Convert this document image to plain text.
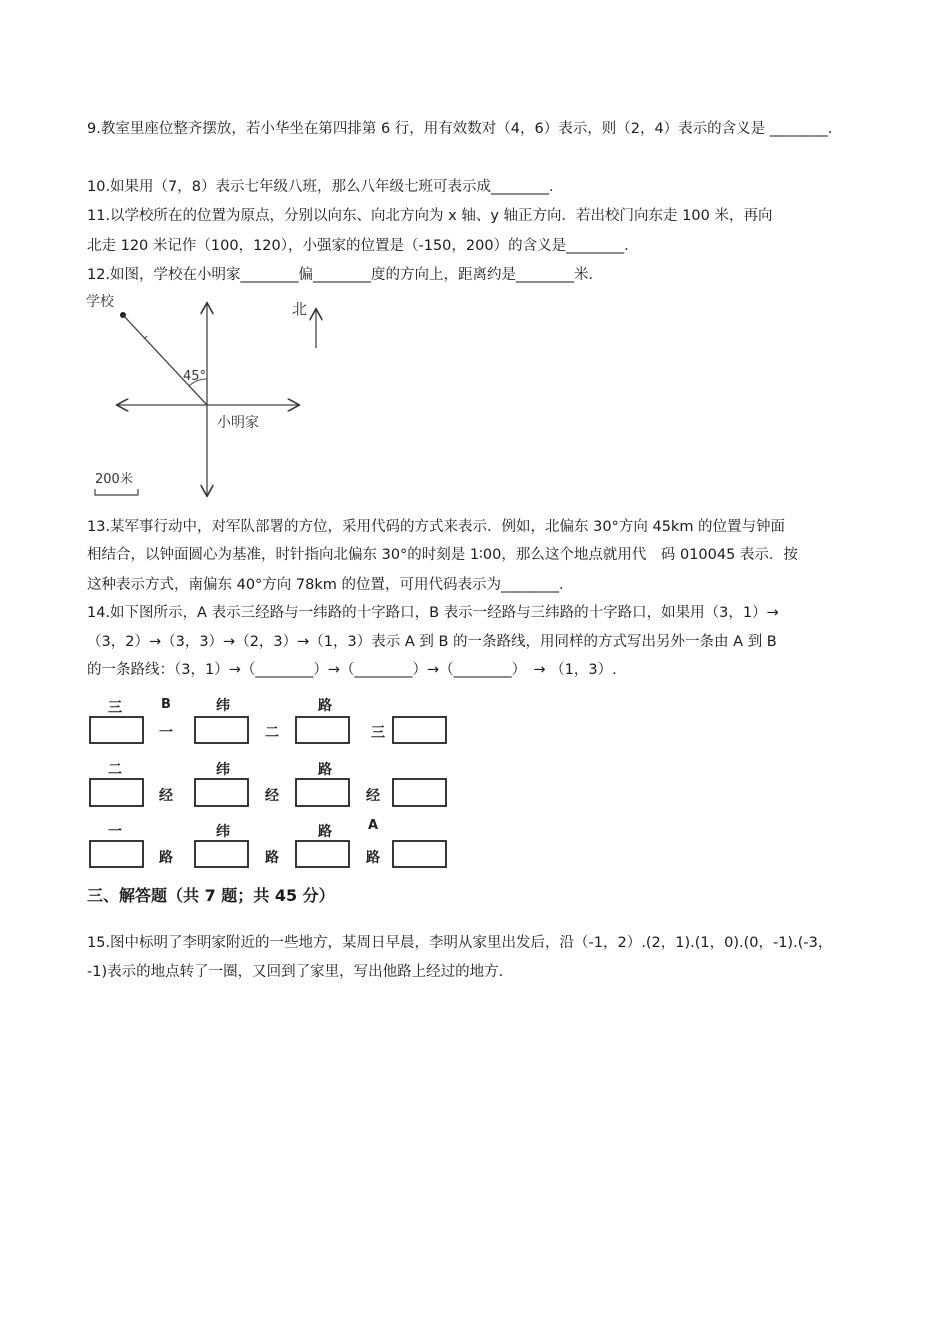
9.教室里座位整齐摆放，若小华坐在第四排第 6 行，用有效数对（4，6）表示，则（2，4）表示的含义是 ________.
10.如果用（7，8）表示七年级八班，那么八年级七班可表示成________.
11.以学校所在的位置为原点，分别以向东、向北方向为 x 轴、y 轴正方向．若出校门向东走 100 米，再向
北走 120 米记作（100，120），小强家的位置是（-150，200）的含义是________.
12.如图，学校在小明家________偏________度的方向上，距离约是________米．
学校
45°
小明家
北
200米
13.某军事行动中，对军队部署的方位，采用代码的方式来表示．例如，北偏东 30°方向 45km 的位置与钟面
相结合，以钟面圆心为基准，时针指向北偏东 30°的时刻是 1∶00，那么这个地点就用代　码 010045 表示．按
这种表示方式，南偏东 40°方向 78km 的位置，可用代码表示为________.
14.如下图所示，A 表示三经路与一纬路的十字路口，B 表示一经路与三纬路的十字路口，如果用（3，1）→
（3，2）→（3，3）→（2，3）→（1，3）表示 A 到 B 的一条路线，用同样的方式写出另外一条由 A 到 B
的一条路线：（3，1）→（________）→（________）→（________）　→ （1，3）.
三	B	纬	路
一	二	三
二	纬	路
经	经	经
一	纬	路	A
路	路	路
三、解答题（共 7 题；共 45 分）
15.图中标明了李明家附近的一些地方，某周日早晨，李明从家里出发后，沿（-1，2）.(2，1).(1，0).(0，-1).(-3，
-1)表示的地点转了一圈，又回到了家里，写出他路上经过的地方.
